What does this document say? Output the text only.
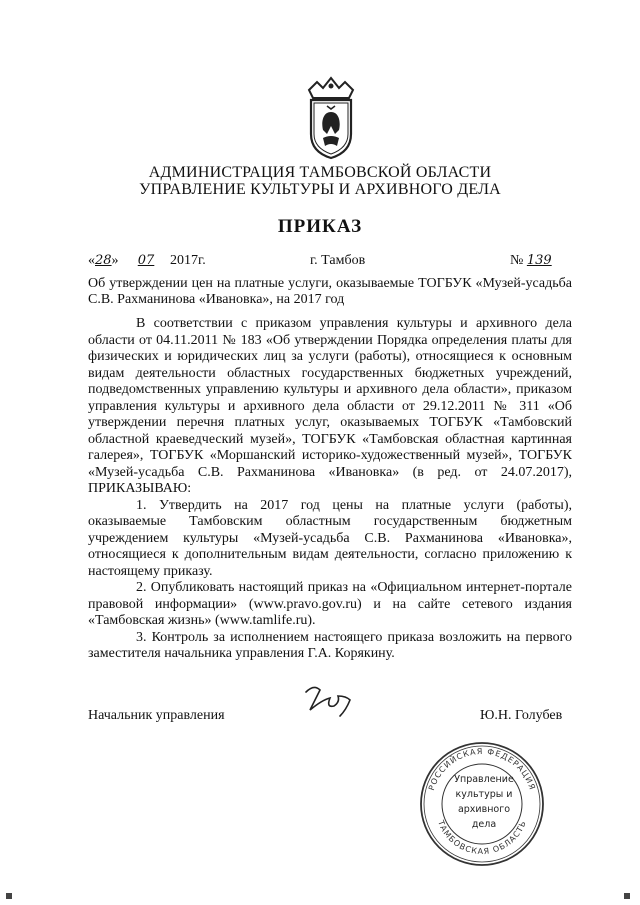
АДМИНИСТРАЦИЯ ТАМБОВСКОЙ ОБЛАСТИ
УПРАВЛЕНИЕ КУЛЬТУРЫ И АРХИВНОГО ДЕЛА
ПРИКАЗ
«28» 07 2017г.	г. Тамбов	№ 139
Об утверждении цен на платные услуги, оказываемые ТОГБУК «Музей-усадьба С.В. Рахманинова «Ивановка», на 2017 год

В соответствии с приказом управления культуры и архивного дела области от 04.11.2011 № 183 «Об утверждении Порядка определения платы для физических и юридических лиц за услуги (работы), относящиеся к основным видам деятельности областных государственных бюджетных учреждений, подведомственных управлению культуры и архивного дела области», приказом управления культуры и архивного дела области от 29.12.2011 № 311 «Об утверждении перечня платных услуг, оказываемых ТОГБУК «Тамбовский областной краеведческий музей», ТОГБУК «Тамбовская областная картинная галерея», ТОГБУК «Моршанский историко-художественный музей», ТОГБУК «Музей-усадьба С.В. Рахманинова «Ивановка» (в ред. от 24.07.2017), ПРИКАЗЫВАЮ:

1. Утвердить на 2017 год цены на платные услуги (работы), оказываемые Тамбовским областным государственным бюджетным учреждением культуры «Музей-усадьба С.В. Рахманинова «Ивановка», относящиеся к дополнительным видам деятельности, согласно приложению к настоящему приказу.

2. Опубликовать настоящий приказ на «Официальном интернет-портале правовой информации» (www.pravo.gov.ru) и на сайте сетевого издания «Тамбовская жизнь» (www.tamlife.ru).

3. Контроль за исполнением настоящего приказа возложить на первого заместителя начальника управления Г.А. Корякину.

Начальник управления	Ю.Н. Голубев
РОССИЙСКАЯ ФЕДЕРАЦИЯ
ТАМБОВСКАЯ ОБЛАСТЬ
Управление
культуры и архивного
дела
